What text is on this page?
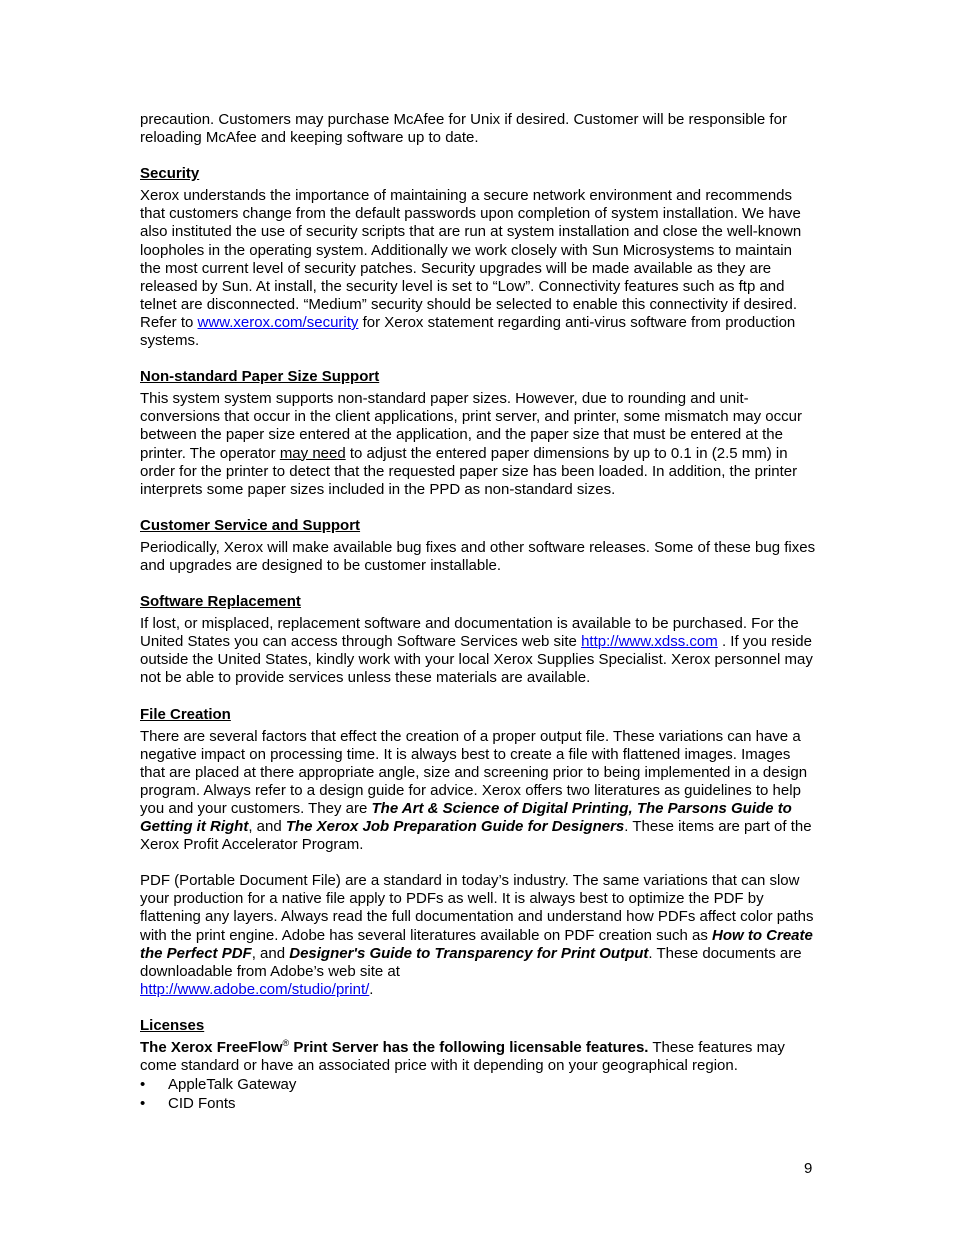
precaution. Customers may purchase McAfee for Unix if desired. Customer will be responsible for reloading McAfee and keeping software up to date.

Security

Xerox understands the importance of maintaining a secure network environment and recommends that customers change from the default passwords upon completion of system installation. We have also instituted the use of security scripts that are run at system installation and close the well-known loopholes in the operating system. Additionally we work closely with Sun Microsystems to maintain the most current level of security patches. Security upgrades will be made available as they are released by Sun. At install, the security level is set to “Low”. Connectivity features such as ftp and telnet are disconnected. “Medium” security should be selected to enable this connectivity if desired. Refer to www.xerox.com/security for Xerox statement regarding anti-virus software from production systems.

Non-standard Paper Size Support

This system system supports non-standard paper sizes. However, due to rounding and unit-conversions that occur in the client applications, print server, and printer, some mismatch may occur between the paper size entered at the application, and the paper size that must be entered at the printer. The operator may need to adjust the entered paper dimensions by up to 0.1 in (2.5 mm) in order for the printer to detect that the requested paper size has been loaded. In addition, the printer interprets some paper sizes included in the PPD as non-standard sizes.

Customer Service and Support

Periodically, Xerox will make available bug fixes and other software releases. Some of these bug fixes and upgrades are designed to be customer installable.

Software Replacement

If lost, or misplaced, replacement software and documentation is available to be purchased. For the United States you can access through Software Services web site http://www.xdss.com . If you reside outside the United States, kindly work with your local Xerox Supplies Specialist. Xerox personnel may not be able to provide services unless these materials are available.

File Creation

There are several factors that effect the creation of a proper output file. These variations can have a negative impact on processing time. It is always best to create a file with flattened images. Images that are placed at there appropriate angle, size and screening prior to being implemented in a design program. Always refer to a design guide for advice. Xerox offers two literatures as guidelines to help you and your customers. They are The Art & Science of Digital Printing, The Parsons Guide to Getting it Right, and The Xerox Job Preparation Guide for Designers. These items are part of the Xerox Profit Accelerator Program.

PDF (Portable Document File) are a standard in today’s industry. The same variations that can slow your production for a native file apply to PDFs as well. It is always best to optimize the PDF by flattening any layers. Always read the full documentation and understand how PDFs affect color paths with the print engine. Adobe has several literatures available on PDF creation such as How to Create the Perfect PDF, and Designer's Guide to Transparency for Print Output. These documents are downloadable from Adobe’s web site at
http://www.adobe.com/studio/print/.

Licenses

The Xerox FreeFlow® Print Server has the following licensable features. These features may come standard or have an associated price with it depending on your geographical region.

• AppleTalk Gateway
• CID Fonts
9
